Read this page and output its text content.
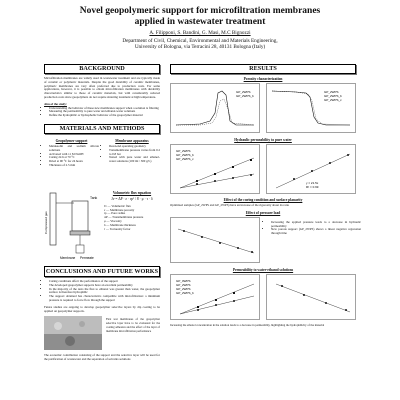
Novel geopolymeric support for microfiltration membranes
applied in wastewater treatment
A. Filipponi, S. Bandini, G. Masi, M.C Bignozzi
Department of Civil, Chemical, Environmental and Materials Engineering,
University of Bologna, via Terracini 28, 40131 Bologna (Italy)
BACKGROUND
Microfiltration membranes are widely used in wastewater treatment and are typically made of ceramic or polymeric materials. Despite the good durability of ceramic membranes, polymeric membranes are very often preferred due to production costs. For some applications, however, it is possible to obtain microfiltration membranes with durability characteristics similar to those of ceramic materials, but with considerably reduced production costs since geopolymers do not require sintering treatment at high temperature.
Aim of the study:
• Understanding the behavior of these new membranes support when a solution is filtering
• Measuring the permeability to pure water and ethanol-water solutions
• Define the hydrophilic or hydrophobic behavior of the geopolymer material
MATERIALS AND METHODS
Geopolymer support
• Metakaolin and sodium silicate solutions
• Activated with 11 M NaOH
• Curing 24 h at 70 °C
• Dried at 90 °C for 24 hours
• Thickness of 2.5 mm
Membrane apparatus
• Dead-end operating geometry
• Transmembrane pressure varies from 0.2 to 0.8 bar
• Tested with pure water and ethanol-water solutions (100 ml / 300 g/L)
Compressed gas
Tank
Membrane Permeate
Volumetric flux equation
Jv = ΔP · ε · rp² / 8 · μ · τ · δ
Jv — Volumetric flux
ε — Membrane porosity
rp — Pore radius
ΔP — Transmembrane pressure
μ — Viscosity
δ — Membrane thickness
τ — Tortuosity factor
CONCLUSIONS AND FUTURE WORKS
• Curing conditions affect the performance of the support
• The developed geopolymer supports have an excellent permeability
• In the majority of the tests the flux to ethanol was greater than water, the geopolymer surface is therefore hydrophilic
• The support obtained has characteristics compatible with microfiltration: a minimum pressure is required to force flow through the support
Future studies are ongoing to develop geopolymer selective layers by dip coating to be applied on geopolymer supports.
First test membranes of the geopolymer selective layer have to be evaluated for the coating adhesion and the effect of the layer of membrane microfiltration performance
The economic contribution consisting of the support and the selective layer will be used for the purification of wastewater and the separation of solvents solutions
RESULTS
Porosity characterization
GP_2WPS
GP_2WPS_b
GP_2WPS
GP_2WPS_b
GP_2WPS_c
Hydraulic permeability to pure water
GP_2WPS
GP_2WPS_b
GP_2WPS_c
y = 21.5x
R² = 0.99
Effect of the curing condition and surface planarity
Optimized samples (GP_2WPS and GP_2WPS) have an increase of the rigorosity about its ratio
Effect of pressure load
• Increasing the applied pressure leads to a decrease in hydraulic permeability
• New porous support (GP_2WPS) shows a linear negative regression through time
Permeability to water-ethanol solutions
GP_0WPS
GP_2WPS
GP_2WPS
GP_2WPS_b
Increasing the ethanol concentration in the solution leads to a decrease in permeability, highlighting the hydrophilicity of the material
